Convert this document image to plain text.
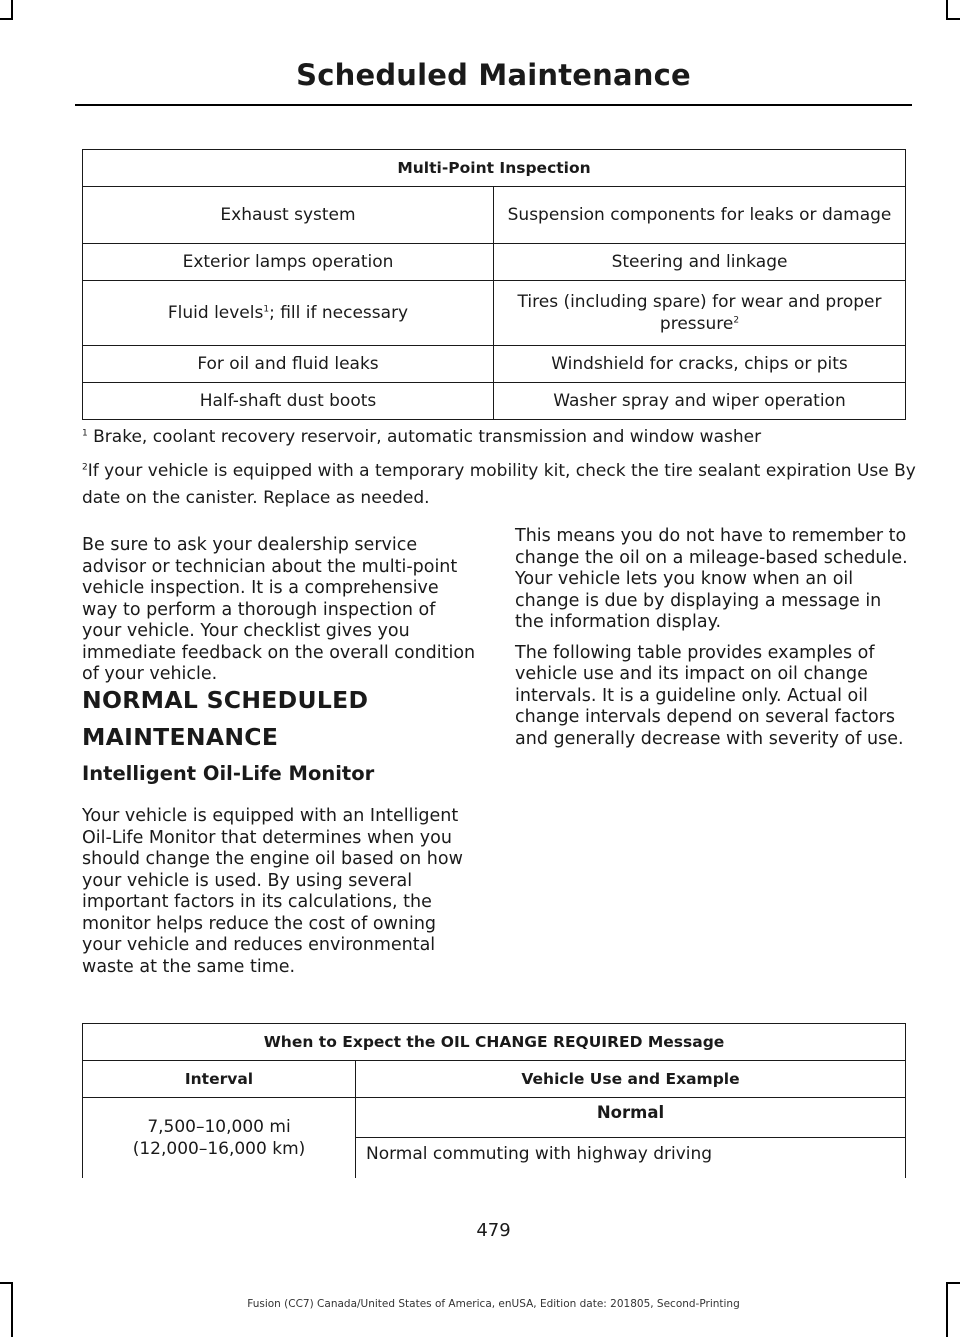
Scheduled Maintenance
Multi-Point Inspection	
Exhaust system	Suspension components for leaks or damage
Exterior lamps operation	Steering and linkage
Fluid levels$^1$; fill if necessary	Tires (including spare) for wear and proper
pressure$^2$
For oil and fluid leaks	Windshield for cracks, chips or pits
Half-shaft dust boots	Washer spray and wiper operation
$^1$ Brake, coolant recovery reservoir, automatic transmission and window washer
$^2$If your vehicle is equipped with a temporary mobility kit, check the tire sealant expiration Use By date on the canister. Replace as needed.

Be sure to ask your dealership service advisor or technician about the multi-point vehicle inspection. It is a comprehensive way to perform a thorough inspection of your vehicle. Your checklist gives you immediate feedback on the overall condition of your vehicle.

NORMAL SCHEDULED
MAINTENANCE
Intelligent Oil-Life Monitor

Your vehicle is equipped with an Intelligent Oil-Life Monitor that determines when you should change the engine oil based on how your vehicle is used. By using several important factors in its calculations, the monitor helps reduce the cost of owning your vehicle and reduces environmental waste at the same time.

This means you do not have to remember to change the oil on a mileage-based schedule. Your vehicle lets you know when an oil change is due by displaying a message in the information display.

The following table provides examples of vehicle use and its impact on oil change intervals. It is a guideline only. Actual oil change intervals depend on several factors and generally decrease with severity of use.

When to Expect the OIL CHANGE REQUIRED Message	
Interval	Vehicle Use and Example

7,500–10,000 mi
(12,000–16,000 km)	Normal
	Normal commuting with highway driving
479
Fusion (CC7) Canada/United States of America, enUSA, Edition date: 201805, Second-Printing
